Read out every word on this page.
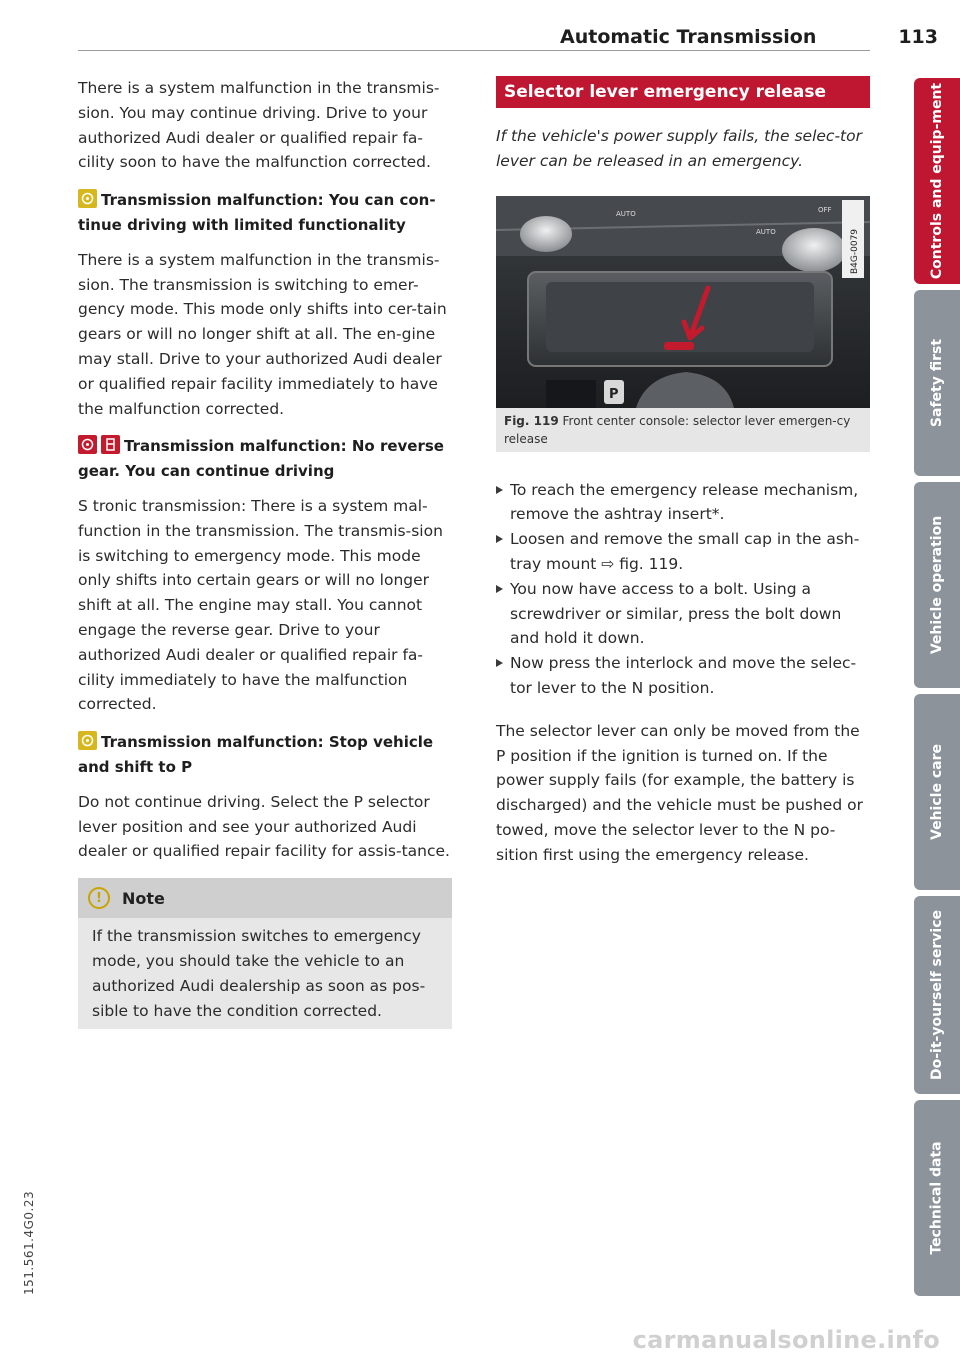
Automatic Transmission	113

There is a system malfunction in the transmis-sion. You may continue driving. Drive to your authorized Audi dealer or qualified repair fa-cility soon to have the malfunction corrected.

Transmission malfunction: You can con-tinue driving with limited functionality

There is a system malfunction in the transmis-sion. The transmission is switching to emer-gency mode. This mode only shifts into cer-tain gears or will no longer shift at all. The en-gine may stall. Drive to your authorized Audi dealer or qualified repair facility immediately to have the malfunction corrected.

Transmission malfunction: No reverse gear. You can continue driving

S tronic transmission: There is a system mal-function in the transmission. The transmis-sion is switching to emergency mode. This mode only shifts into certain gears or will no longer shift at all. The engine may stall. You cannot engage the reverse gear. Drive to your authorized Audi dealer or qualified repair fa-cility immediately to have the malfunction corrected.

Transmission malfunction: Stop vehicle and shift to P

Do not continue driving. Select the P selector lever position and see your authorized Audi dealer or qualified repair facility for assis-tance.

!	Note

If the transmission switches to emergency mode, you should take the vehicle to an authorized Audi dealership as soon as pos-sible to have the condition corrected.

Selector lever emergency release

If the vehicle's power supply fails, the selec-tor lever can be released in an emergency.

AUTO
AUTO
OFF
P
B4G-0079
Fig. 119 Front center console: selector lever emergen-cy release
To reach the emergency release mechanism, remove the ashtray insert*.
Loosen and remove the small cap in the ash-tray mount ⇨ fig. 119.
You now have access to a bolt. Using a screwdriver or similar, press the bolt down and hold it down.
Now press the interlock and move the selec-tor lever to the N position.

The selector lever can only be moved from the P position if the ignition is turned on. If the power supply fails (for example, the battery is discharged) and the vehicle must be pushed or towed, move the selector lever to the N po-sition first using the emergency release.

Controls and equip-ment
Safety first
Vehicle operation
Vehicle care
Do-it-yourself service
Technical data
151.561.4G0.23
carmanualsonline.info
